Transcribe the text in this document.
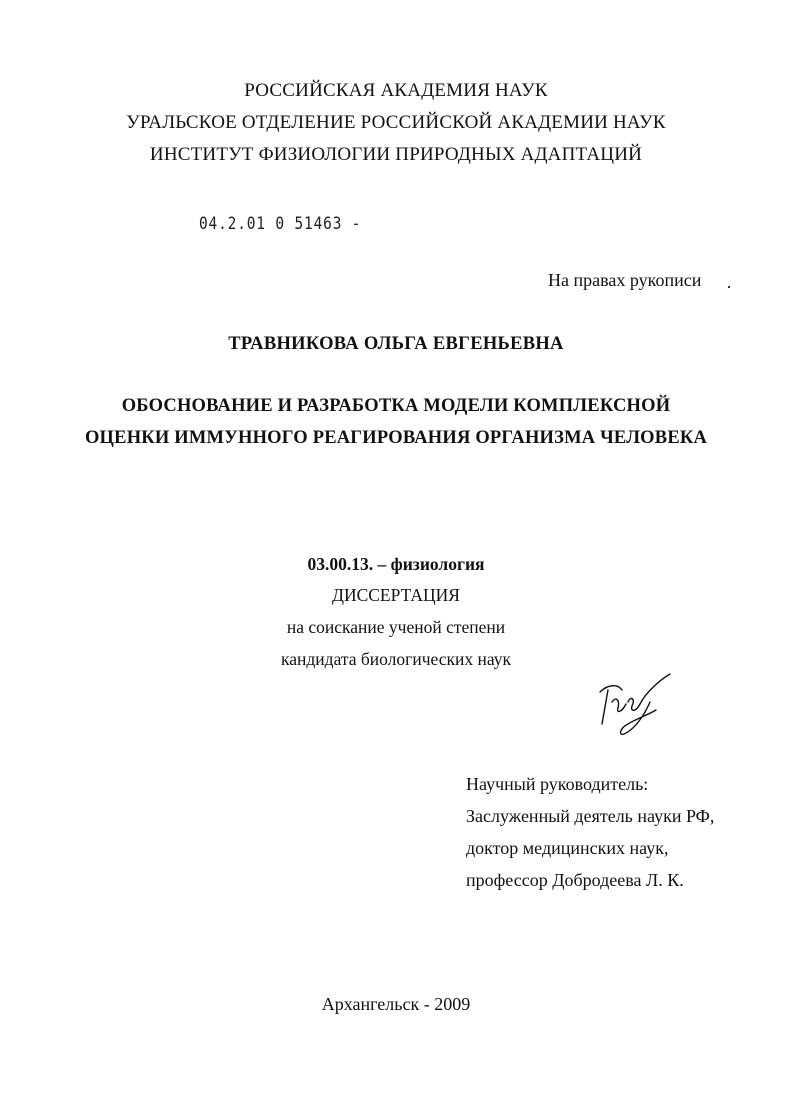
РОССИЙСКАЯ АКАДЕМИЯ НАУК
УРАЛЬСКОЕ ОТДЕЛЕНИЕ РОССИЙСКОЙ АКАДЕМИИ НАУК
ИНСТИТУТ ФИЗИОЛОГИИ ПРИРОДНЫХ АДАПТАЦИЙ
04.2.01 0 51463 -
На правах рукописи
ТРАВНИКОВА ОЛЬГА ЕВГЕНЬЕВНА
ОБОСНОВАНИЕ И РАЗРАБОТКА МОДЕЛИ КОМПЛЕКСНОЙ
ОЦЕНКИ ИММУННОГО РЕАГИРОВАНИЯ ОРГАНИЗМА ЧЕЛОВЕКА
03.00.13. – физиология
ДИССЕРТАЦИЯ
на соискание ученой степени
кандидата биологических наук
Научный руководитель:
Заслуженный деятель науки РФ,
доктор медицинских наук,
профессор Добродеева Л. К.
Архангельск - 2009
